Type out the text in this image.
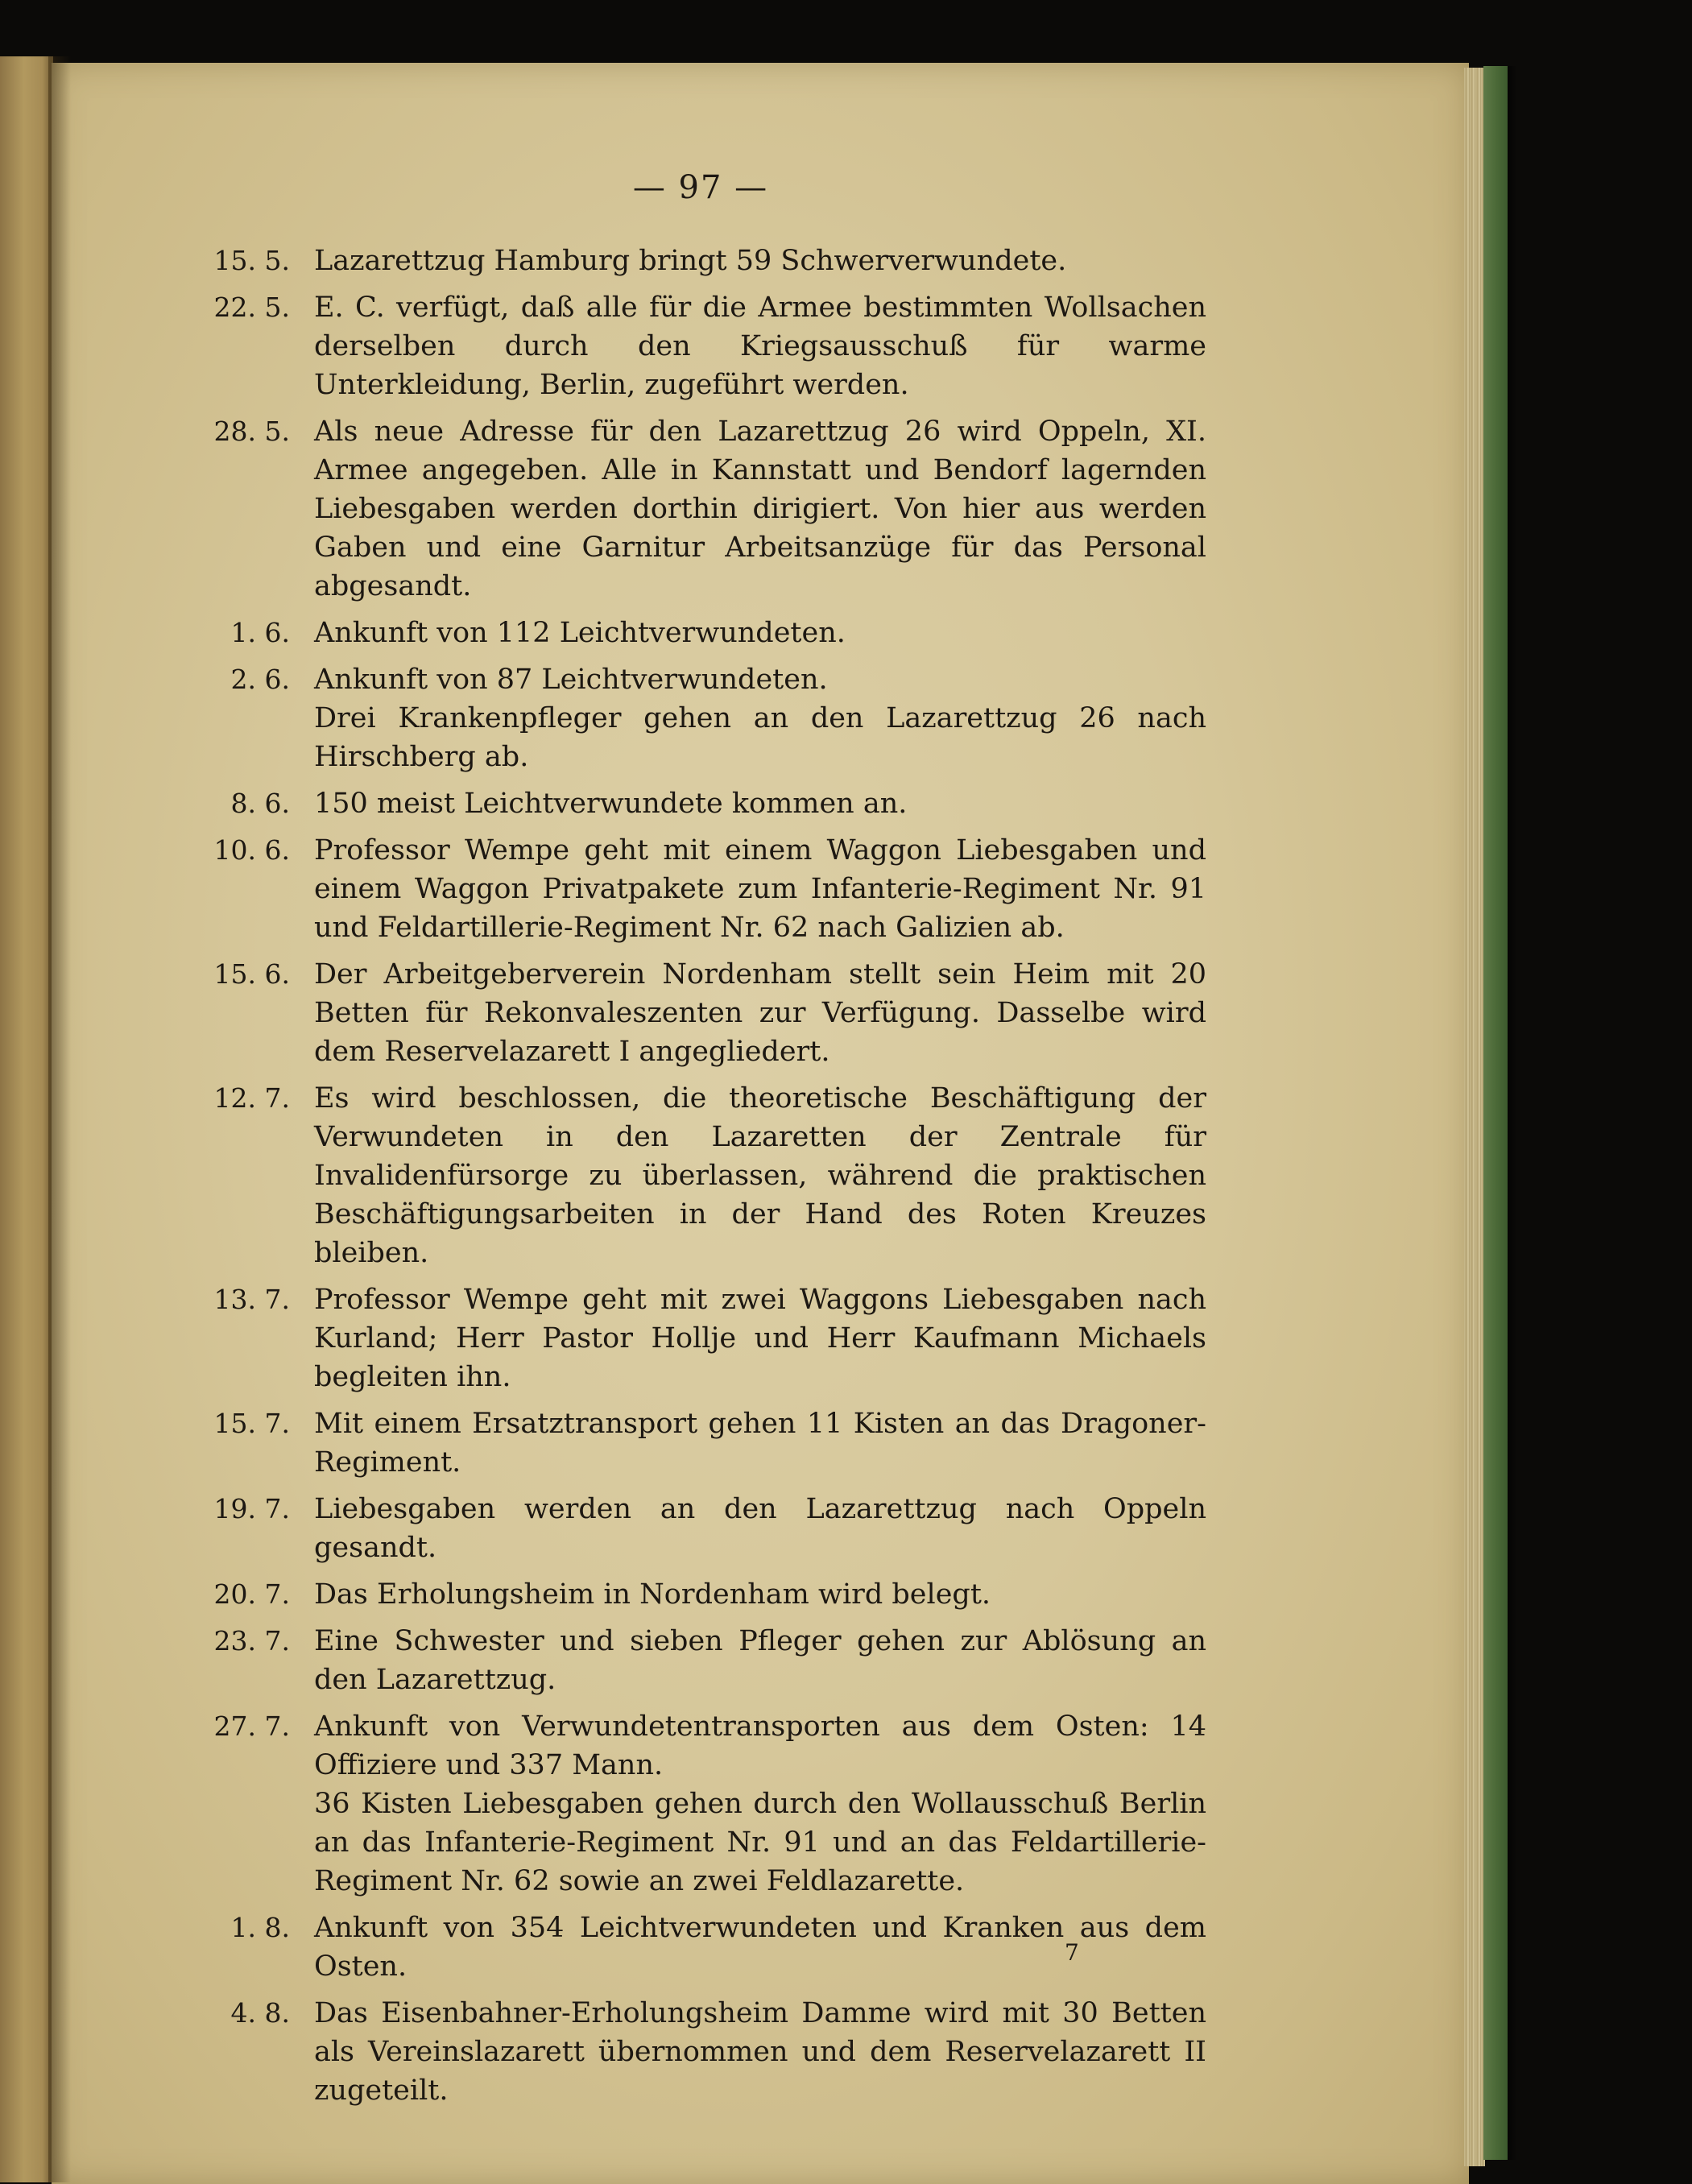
— 97 —
15. 5. Lazarettzug Hamburg bringt 59 Schwerverwundete.
22. 5. E. C. verfügt, daß alle für die Armee bestimmten Wollsachen derselben durch den Kriegsausschuß für warme Unterkleidung, Berlin, zugeführt werden.
28. 5. Als neue Adresse für den Lazarettzug 26 wird Oppeln, XI. Armee angegeben. Alle in Kannstatt und Bendorf lagernden Liebesgaben werden dorthin dirigiert. Von hier aus werden Gaben und eine Garnitur Arbeitsanzüge für das Personal abgesandt.
1. 6. Ankunft von 112 Leichtverwundeten.
2. 6. Ankunft von 87 Leichtverwundeten.
Drei Krankenpfleger gehen an den Lazarettzug 26 nach Hirschberg ab.
8. 6. 150 meist Leichtverwundete kommen an.
10. 6. Professor Wempe geht mit einem Waggon Liebesgaben und einem Waggon Privatpakete zum Infanterie-Regiment Nr. 91 und Feldartillerie-Regiment Nr. 62 nach Galizien ab.
15. 6. Der Arbeitgeberverein Nordenham stellt sein Heim mit 20 Betten für Rekonvaleszenten zur Verfügung. Dasselbe wird dem Reservelazarett I angegliedert.
12. 7. Es wird beschlossen, die theoretische Beschäftigung der Verwundeten in den Lazaretten der Zentrale für Invalidenfürsorge zu überlassen, während die praktischen Beschäftigungsarbeiten in der Hand des Roten Kreuzes bleiben.
13. 7. Professor Wempe geht mit zwei Waggons Liebesgaben nach Kurland; Herr Pastor Hollje und Herr Kaufmann Michaels begleiten ihn.
15. 7. Mit einem Ersatztransport gehen 11 Kisten an das Dragoner-Regiment.
19. 7. Liebesgaben werden an den Lazarettzug nach Oppeln gesandt.
20. 7. Das Erholungsheim in Nordenham wird belegt.
23. 7. Eine Schwester und sieben Pfleger gehen zur Ablösung an den Lazarettzug.
27. 7. Ankunft von Verwundetentransporten aus dem Osten: 14 Offiziere und 337 Mann.
36 Kisten Liebesgaben gehen durch den Wollausschuß Berlin an das Infanterie-Regiment Nr. 91 und an das Feldartillerie-Regiment Nr. 62 sowie an zwei Feldlazarette.
1. 8. Ankunft von 354 Leichtverwundeten und Kranken aus dem Osten.
4. 8. Das Eisenbahner-Erholungsheim Damme wird mit 30 Betten als Vereinslazarett übernommen und dem Reservelazarett II zugeteilt.
7
